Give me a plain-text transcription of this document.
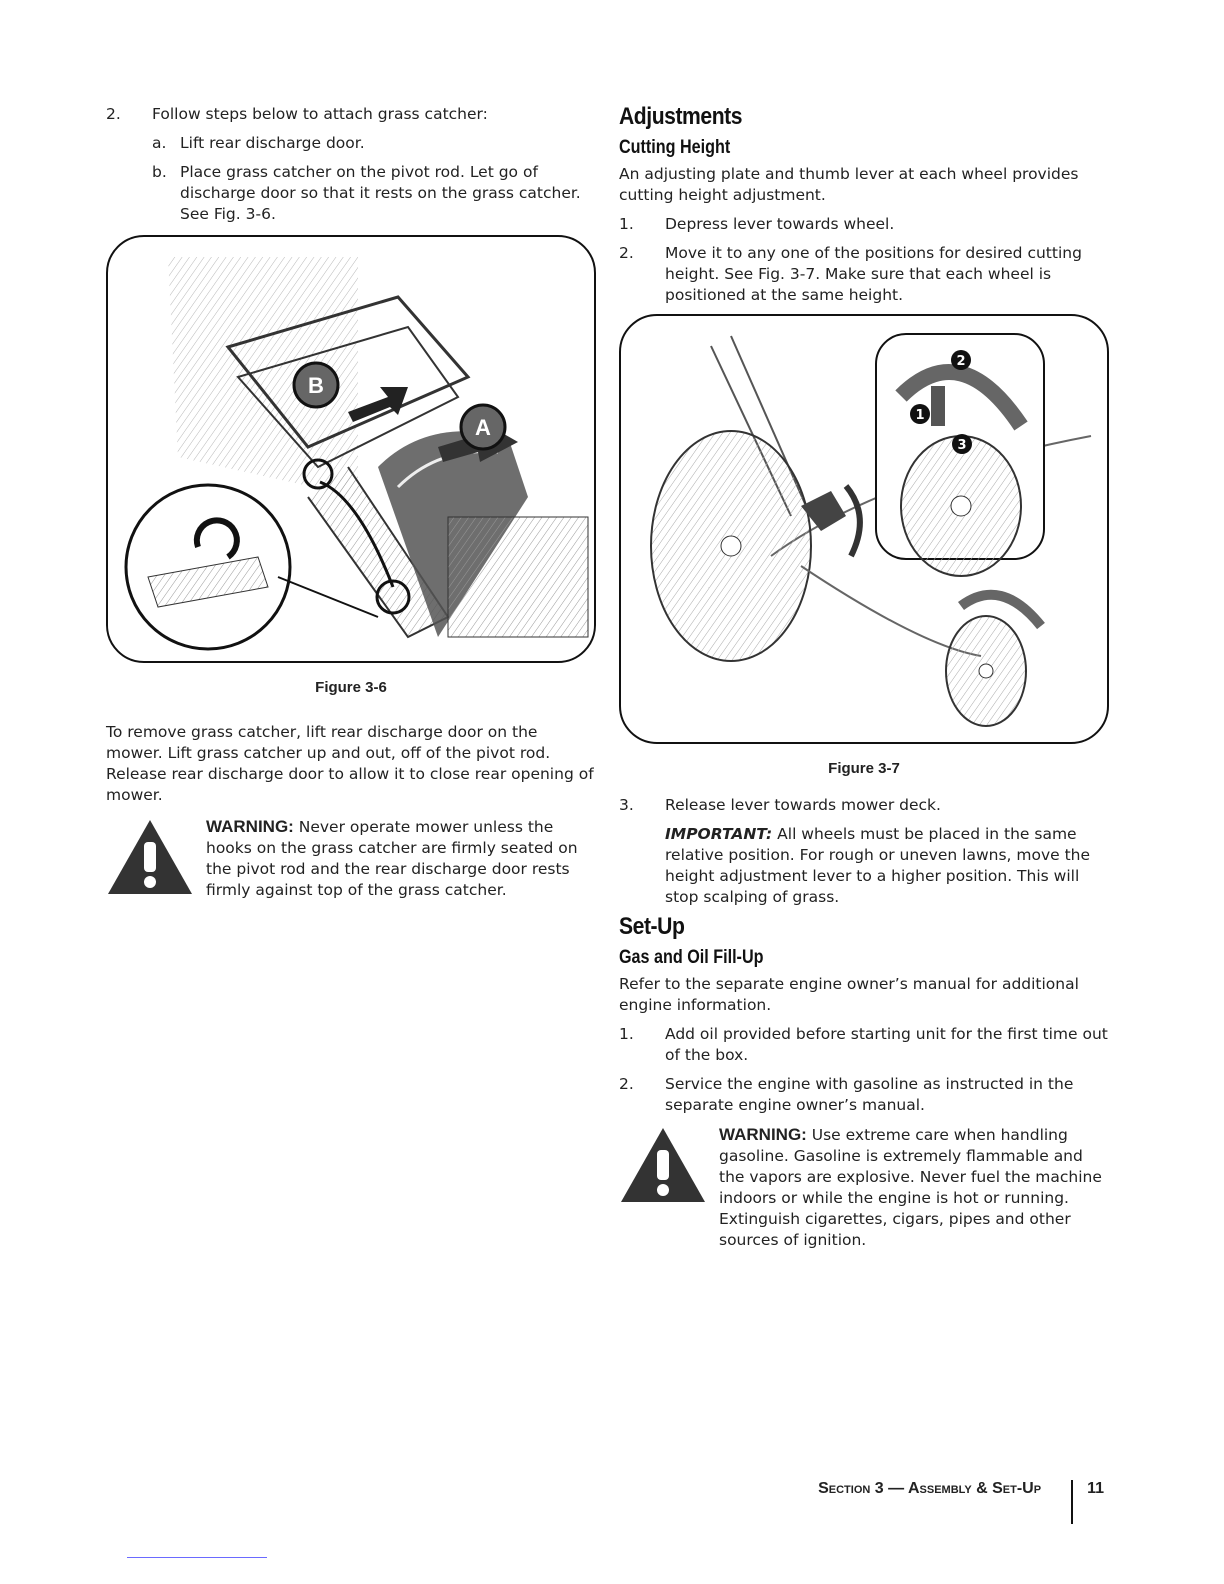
2.	Follow steps below to attach grass catcher:
a. Lift rear discharge door.
b. Place grass catcher on the pivot rod. Let go of discharge door so that it rests on the grass catcher. See Fig. 3-6.
B
A
Figure 3-6

To remove grass catcher, lift rear discharge door on the mower. Lift grass catcher up and out, off of the pivot rod. Release rear discharge door to allow it to close rear opening of mower.

WARNING: Never operate mower unless the hooks on the grass catcher are firmly seated on the pivot rod and the rear discharge door rests firmly against top of the grass catcher.
Adjustments
Cutting Height

An adjusting plate and thumb lever at each wheel provides cutting height adjustment.

1.	Depress lever towards wheel.
2.	Move it to any one of the positions for desired cutting height. See Fig. 3-7. Make sure that each wheel is positioned at the same height.
2
1
3
Figure 3-7
3.	Release lever towards mower deck.
IMPORTANT: All wheels must be placed in the same relative position. For rough or uneven lawns, move the height adjustment lever to a higher position. This will stop scalping of grass.
Set-Up
Gas and Oil Fill-Up

Refer to the separate engine owner’s manual for additional engine information.

1.	Add oil provided before starting unit for the first time out of the box.
2.	Service the engine with gasoline as instructed in the separate engine owner’s manual.
WARNING: Use extreme care when handling gasoline. Gasoline is extremely flammable and the vapors are explosive. Never fuel the machine indoors or while the engine is hot or running. Extinguish cigarettes, cigars, pipes and other sources of ignition.
Section 3 — Assembly & Set-Up	11
